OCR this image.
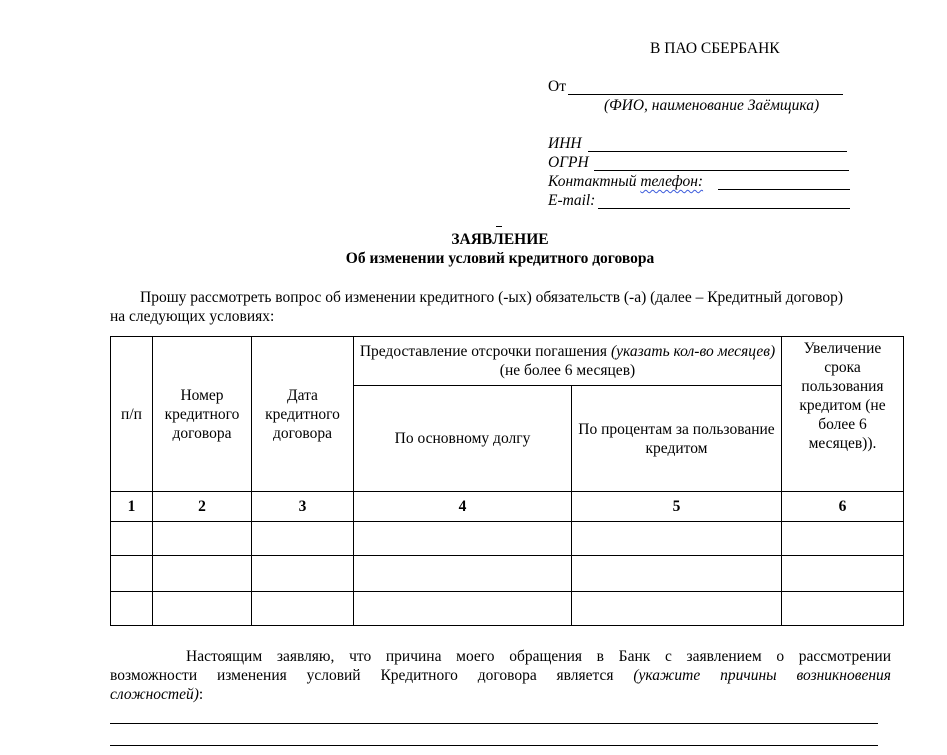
В ПАО СБЕРБАНК
От
(ФИО, наименование Заёмщика)
ИНН
ОГРН
Контактный телефон:
E-mail:
ЗАЯВЛЕНИЕ
Об изменении условий кредитного договора
Прошу рассмотреть вопрос об изменении кредитного (-ых) обязательств (-а) (далее – Кредитный договор)
на следующих условиях:
п/п	Номер кредитного договора	Дата кредитного договора	Предоставление отсрочки погашения (указать кол-во месяцев) (не более 6 месяцев)		Увеличение срока пользования кредитом (не более 6 месяцев)).
			По основному долгу	По процентам за пользование кредитом	
1	2	3	4	5	6

Настоящим заявляю, что причина моего обращения в Банк с заявлением о рассмотрении
возможности изменения условий Кредитного договора является (укажите причины возникновения
сложностей):
